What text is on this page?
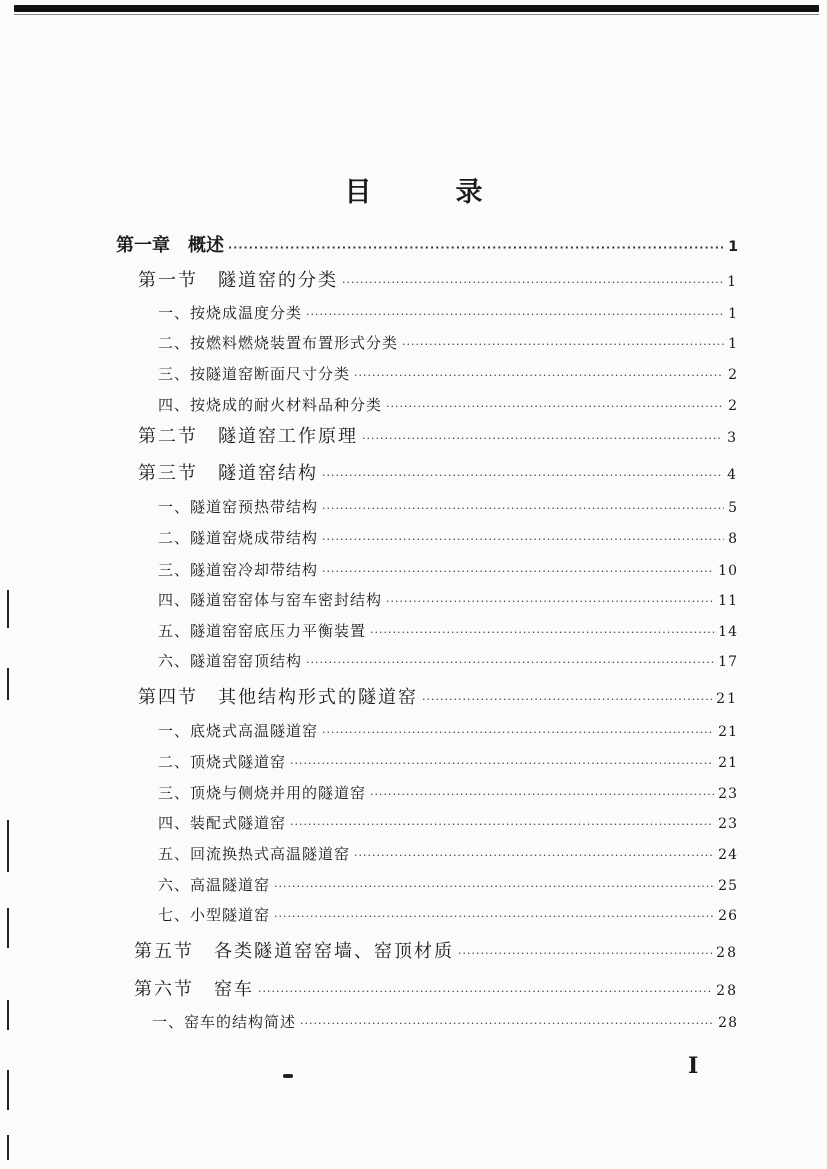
目	录
第一章　概述 ·····	1
第一节　隧道窑的分类 ·····	1
一、按烧成温度分类 ·····	1
二、按燃料燃烧装置布置形式分类 ·····	1
三、按隧道窑断面尺寸分类 ·····	2
四、按烧成的耐火材料品种分类 ·····	2
第二节　隧道窑工作原理 ·····	3
第三节　隧道窑结构 ·····	4
一、隧道窑预热带结构 ·····	5
二、隧道窑烧成带结构 ·····	8
三、隧道窑冷却带结构 ·····	10
四、隧道窑窑体与窑车密封结构 ·····	11
五、隧道窑窑底压力平衡装置 ·····	14
六、隧道窑窑顶结构 ·····	17
第四节　其他结构形式的隧道窑 ·····	21
一、底烧式高温隧道窑 ·····	21
二、顶烧式隧道窑 ·····	21
三、顶烧与侧烧并用的隧道窑 ·····	23
四、装配式隧道窑 ·····	23
五、回流换热式高温隧道窑 ·····	24
六、高温隧道窑 ·····	25
七、小型隧道窑 ·····	26
第五节　各类隧道窑窑墙、窑顶材质 ·····	28
第六节　窑车 ·····	28
一、窑车的结构简述 ·····	28
I
